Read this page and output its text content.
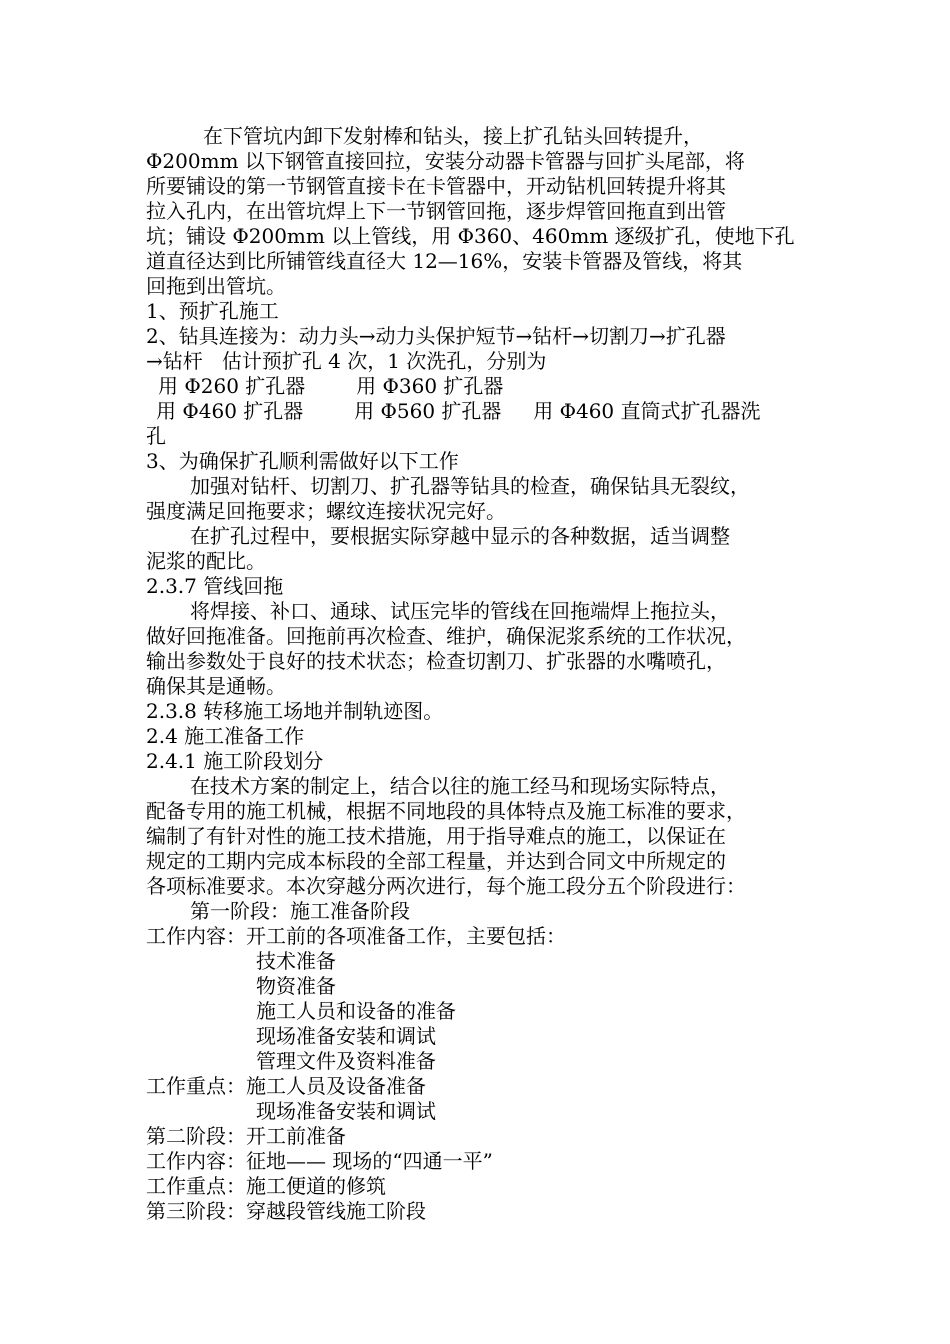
在下管坑内卸下发射棒和钻头，接上扩孔钻头回转提升，
Φ200mm 以下钢管直接回拉，安装分动器卡管器与回扩头尾部，将
所要铺设的第一节钢管直接卡在卡管器中，开动钻机回转提升将其
拉入孔内，在出管坑焊上下一节钢管回拖，逐步焊管回拖直到出管
坑；铺设 Φ200mm 以上管线，用 Φ360、460mm 逐级扩孔，使地下孔
道直径达到比所铺管线直径大 12—16%，安装卡管器及管线，将其
回拖到出管坑。
1、预扩孔施工
2、钻具连接为：动力头→动力头保护短节→钻杆→切割刀→扩孔器
→钻杆   估计预扩孔 4 次，1 次洗孔，分别为
用 Φ260 扩孔器        用 Φ360 扩孔器
用 Φ460 扩孔器        用 Φ560 扩孔器     用 Φ460 直筒式扩孔器洗
孔
3、为确保扩孔顺利需做好以下工作
加强对钻杆、切割刀、扩孔器等钻具的检查，确保钻具无裂纹，
强度满足回拖要求；螺纹连接状况完好。
在扩孔过程中，要根据实际穿越中显示的各种数据，适当调整
泥浆的配比。
2.3.7 管线回拖
将焊接、补口、通球、试压完毕的管线在回拖端焊上拖拉头，
做好回拖准备。回拖前再次检查、维护，确保泥浆系统的工作状况，
输出参数处于良好的技术状态；检查切割刀、扩张器的水嘴喷孔，
确保其是通畅。
2.3.8 转移施工场地并制轨迹图。
2.4 施工准备工作
2.4.1 施工阶段划分
在技术方案的制定上，结合以往的施工经马和现场实际特点，
配备专用的施工机械，根据不同地段的具体特点及施工标准的要求，
编制了有针对性的施工技术措施，用于指导难点的施工，以保证在
规定的工期内完成本标段的全部工程量，并达到合同文中所规定的
各项标准要求。本次穿越分两次进行，每个施工段分五个阶段进行：
第一阶段：施工准备阶段
工作内容：开工前的各项准备工作，主要包括：
技术准备
物资准备
施工人员和设备的准备
现场准备安装和调试
管理文件及资料准备
工作重点：施工人员及设备准备
现场准备安装和调试
第二阶段：开工前准备
工作内容：征地—— 现场的“四通一平”
工作重点：施工便道的修筑
第三阶段：穿越段管线施工阶段
